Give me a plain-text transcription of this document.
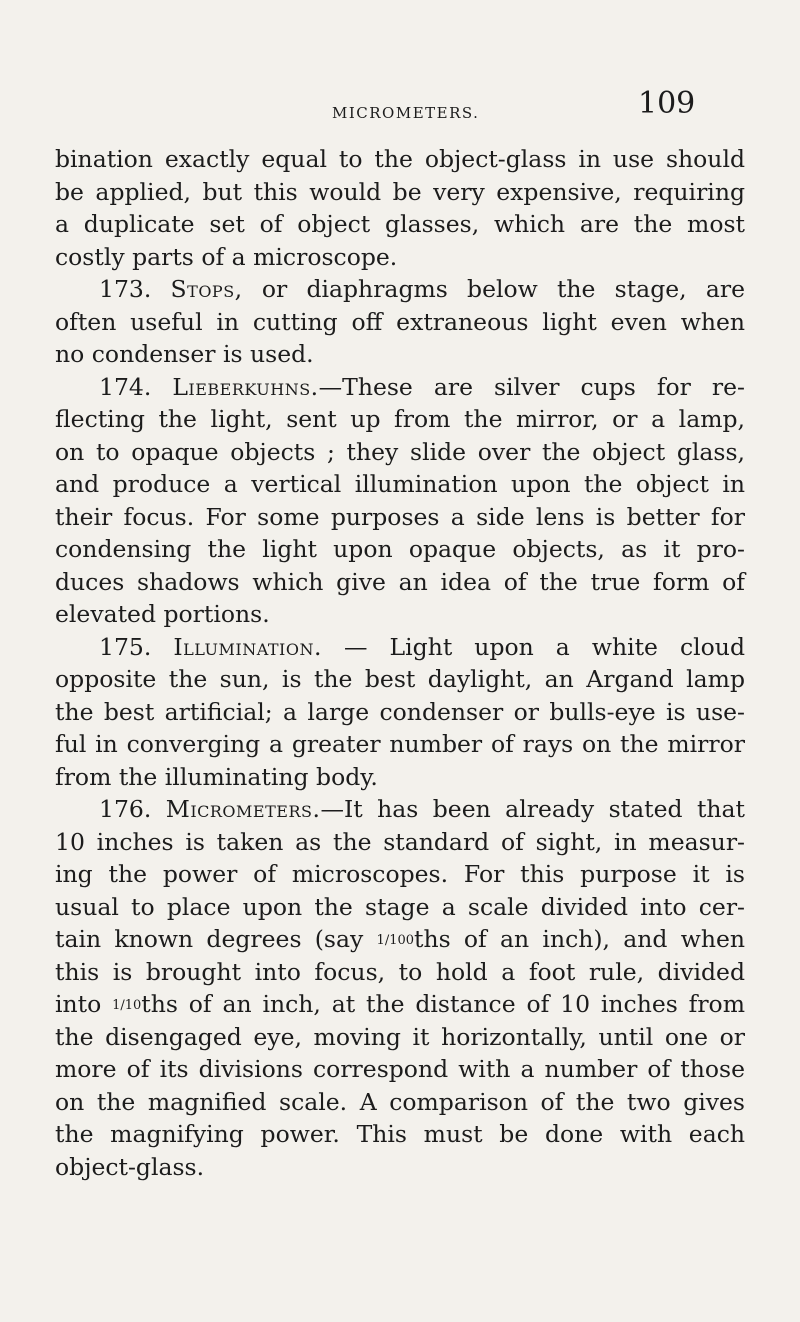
MICROMETERS.	109

bination exactly equal to the object-glass in use should

be applied, but this would be very expensive, requiring

a duplicate set of object glasses, which are the most

costly parts of a microscope.

173. Stops, or diaphragms below the stage, are

often useful in cutting off extraneous light even when

no condenser is used.

174. Lieberkuhns.—These are silver cups for re-

flecting the light, sent up from the mirror, or a lamp,

on to opaque objects ; they slide over the object glass,

and produce a vertical illumination upon the object in

their focus. For some purposes a side lens is better for

condensing the light upon opaque objects, as it pro-

duces shadows which give an idea of the true form of

elevated portions.

175. Illumination. — Light upon a white cloud

opposite the sun, is the best daylight, an Argand lamp

the best artificial; a large condenser or bulls-eye is use-

ful in converging a greater number of rays on the mirror

from the illuminating body.

176. Micrometers.—It has been already stated that

10 inches is taken as the standard of sight, in measur-

ing the power of microscopes. For this purpose it is

usual to place upon the stage a scale divided into cer-

tain known degrees (say 1/100ths of an inch), and when

this is brought into focus, to hold a foot rule, divided

into 1/10ths of an inch, at the distance of 10 inches from

the disengaged eye, moving it horizontally, until one or

more of its divisions correspond with a number of those

on the magnified scale. A comparison of the two gives

the magnifying power. This must be done with each

object-glass.
